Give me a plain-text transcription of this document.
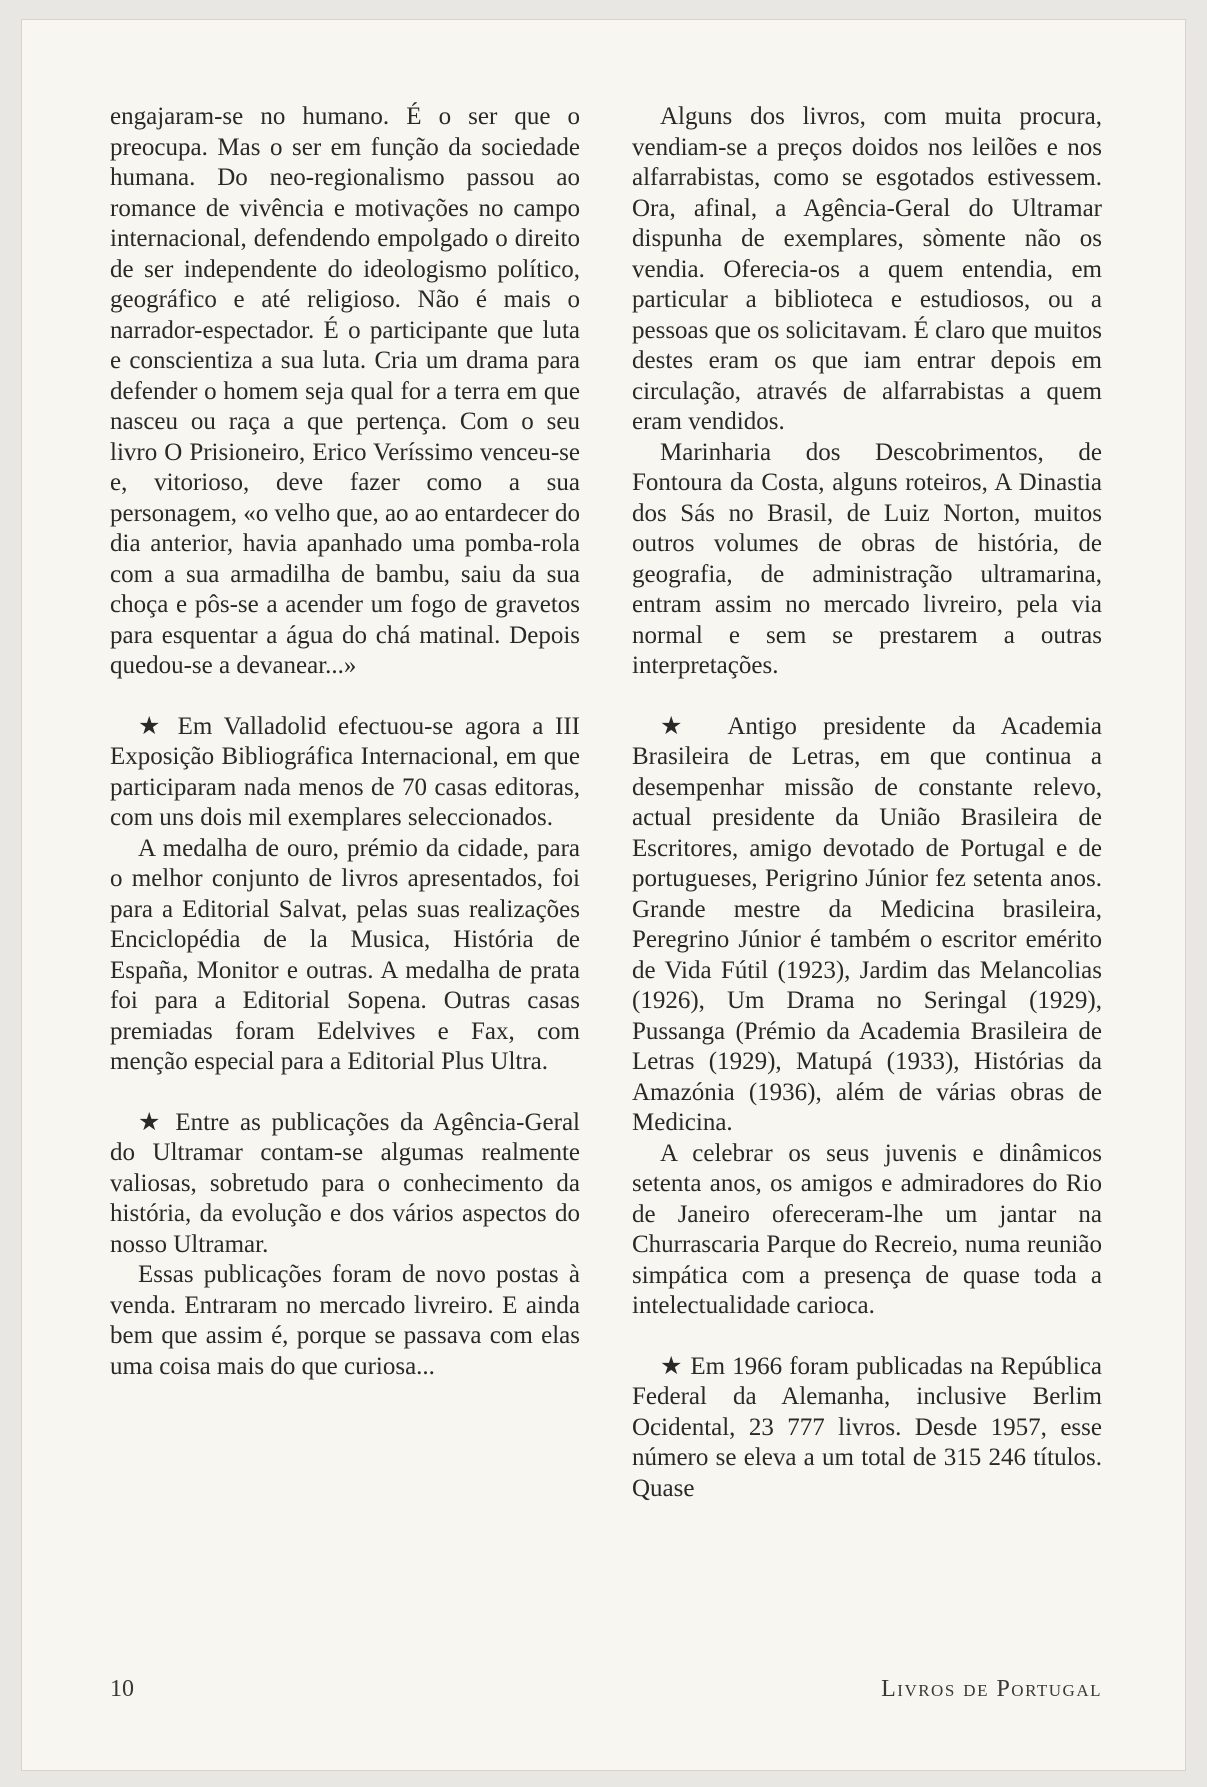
engajaram-se no humano. É o ser que o preocupa. Mas o ser em função da sociedade humana. Do neo-regionalismo passou ao romance de vivência e motivações no campo internacional, defendendo empolgado o direito de ser independente do ideologismo político, geográfico e até religioso. Não é mais o narrador-espectador. É o participante que luta e conscientiza a sua luta. Cria um drama para defender o homem seja qual for a terra em que nasceu ou raça a que pertença. Com o seu livro O Prisioneiro, Erico Veríssimo venceu-se e, vitorioso, deve fazer como a sua personagem, «o velho que, ao ao entardecer do dia anterior, havia apanhado uma pomba-rola com a sua armadilha de bambu, saiu da sua choça e pôs-se a acender um fogo de gravetos para esquentar a água do chá matinal. Depois quedou-se a devanear...»

★ Em Valladolid efectuou-se agora a III Exposição Bibliográfica Internacional, em que participaram nada menos de 70 casas editoras, com uns dois mil exemplares seleccionados.

A medalha de ouro, prémio da cidade, para o melhor conjunto de livros apresentados, foi para a Editorial Salvat, pelas suas realizações Enciclopédia de la Musica, História de España, Monitor e outras. A medalha de prata foi para a Editorial Sopena. Outras casas premiadas foram Edelvives e Fax, com menção especial para a Editorial Plus Ultra.

★ Entre as publicações da Agência-Geral do Ultramar contam-se algumas realmente valiosas, sobretudo para o conhecimento da história, da evolução e dos vários aspectos do nosso Ultramar.

Essas publicações foram de novo postas à venda. Entraram no mercado livreiro. E ainda bem que assim é, porque se passava com elas uma coisa mais do que curiosa...

Alguns dos livros, com muita procura, vendiam-se a preços doidos nos leilões e nos alfarrabistas, como se esgotados estivessem. Ora, afinal, a Agência-Geral do Ultramar dispunha de exemplares, sòmente não os vendia. Oferecia-os a quem entendia, em particular a biblioteca e estudiosos, ou a pessoas que os solicitavam. É claro que muitos destes eram os que iam entrar depois em circulação, através de alfarrabistas a quem eram vendidos.

Marinharia dos Descobrimentos, de Fontoura da Costa, alguns roteiros, A Dinastia dos Sás no Brasil, de Luiz Norton, muitos outros volumes de obras de história, de geografia, de administração ultramarina, entram assim no mercado livreiro, pela via normal e sem se prestarem a outras interpretações.

★ Antigo presidente da Academia Brasileira de Letras, em que continua a desempenhar missão de constante relevo, actual presidente da União Brasileira de Escritores, amigo devotado de Portugal e de portugueses, Perigrino Júnior fez setenta anos. Grande mestre da Medicina brasileira, Peregrino Júnior é também o escritor emérito de Vida Fútil (1923), Jardim das Melancolias (1926), Um Drama no Seringal (1929), Pussanga (Prémio da Academia Brasileira de Letras (1929), Matupá (1933), Histórias da Amazónia (1936), além de várias obras de Medicina.

A celebrar os seus juvenis e dinâmicos setenta anos, os amigos e admiradores do Rio de Janeiro ofereceram-lhe um jantar na Churrascaria Parque do Recreio, numa reunião simpática com a presença de quase toda a intelectualidade carioca.

★ Em 1966 foram publicadas na República Federal da Alemanha, inclusive Berlim Ocidental, 23 777 livros. Desde 1957, esse número se eleva a um total de 315 246 títulos. Quase

10	Livros de Portugal
